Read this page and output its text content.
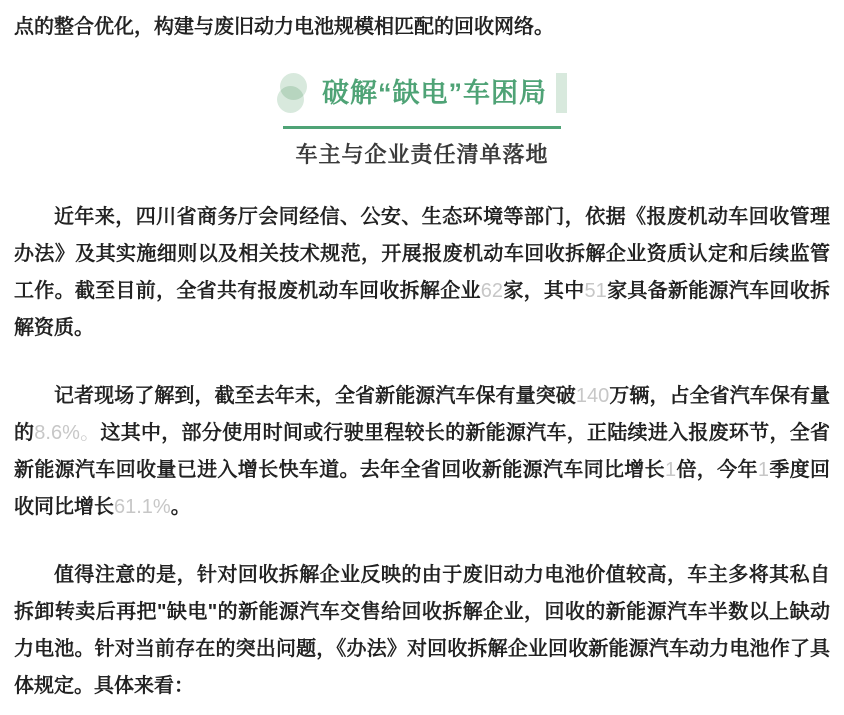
点的整合优化，构建与废旧动力电池规模相匹配的回收网络。

破解“缺电”车困局
车主与企业责任清单落地

近年来，四川省商务厅会同经信、公安、生态环境等部门，依据《报废机动车回收管理办法》及其实施细则以及相关技术规范，开展报废机动车回收拆解企业资质认定和后续监管工作。截至目前，全省共有报废机动车回收拆解企业62家，其中51家具备新能源汽车回收拆解资质。

记者现场了解到，截至去年末，全省新能源汽车保有量突破140万辆，占全省汽车保有量的8.6%。这其中，部分使用时间或行驶里程较长的新能源汽车，正陆续进入报废环节，全省新能源汽车回收量已进入增长快车道。去年全省回收新能源汽车同比增长1倍，今年1季度回收同比增长61.1%。

值得注意的是，针对回收拆解企业反映的由于废旧动力电池价值较高，车主多将其私自拆卸转卖后再把"缺电"的新能源汽车交售给回收拆解企业，回收的新能源汽车半数以上缺动力电池。针对当前存在的突出问题，《办法》对回收拆解企业回收新能源汽车动力电池作了具体规定。具体来看：
